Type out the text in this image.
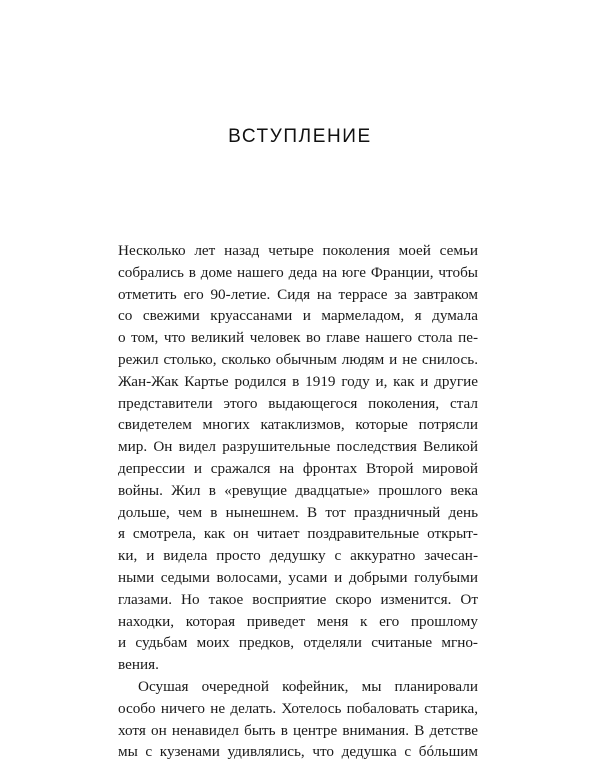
ВСТУПЛЕНИЕ
Несколько лет назад четыре поколения моей семьи
собрались в доме нашего деда на юге Франции, чтобы
отметить его 90-летие. Сидя на террасе за завтраком
со свежими круассанами и мармеладом, я думала
о том, что великий человек во главе нашего стола пе-
режил столько, сколько обычным людям и не снилось.
Жан-Жак Картье родился в 1919 году и, как и другие
представители этого выдающегося поколения, стал
свидетелем многих катаклизмов, которые потрясли
мир. Он видел разрушительные последствия Великой
депрессии и сражался на фронтах Второй мировой
войны. Жил в «ревущие двадцатые» прошлого века
дольше, чем в нынешнем. В тот праздничный день
я смотрела, как он читает поздравительные открыт-
ки, и видела просто дедушку с аккуратно зачесан-
ными седыми волосами, усами и добрыми голубыми
глазами. Но такое восприятие скоро изменится. От
находки, которая приведет меня к его прошлому
и судьбам моих предков, отделяли считаные мгно-
вения.
Осушая очередной кофейник, мы планировали
особо ничего не делать. Хотелось побаловать старика,
хотя он ненавидел быть в центре внимания. В детстве
мы с кузенами удивлялись, что дедушка с бóльшим
